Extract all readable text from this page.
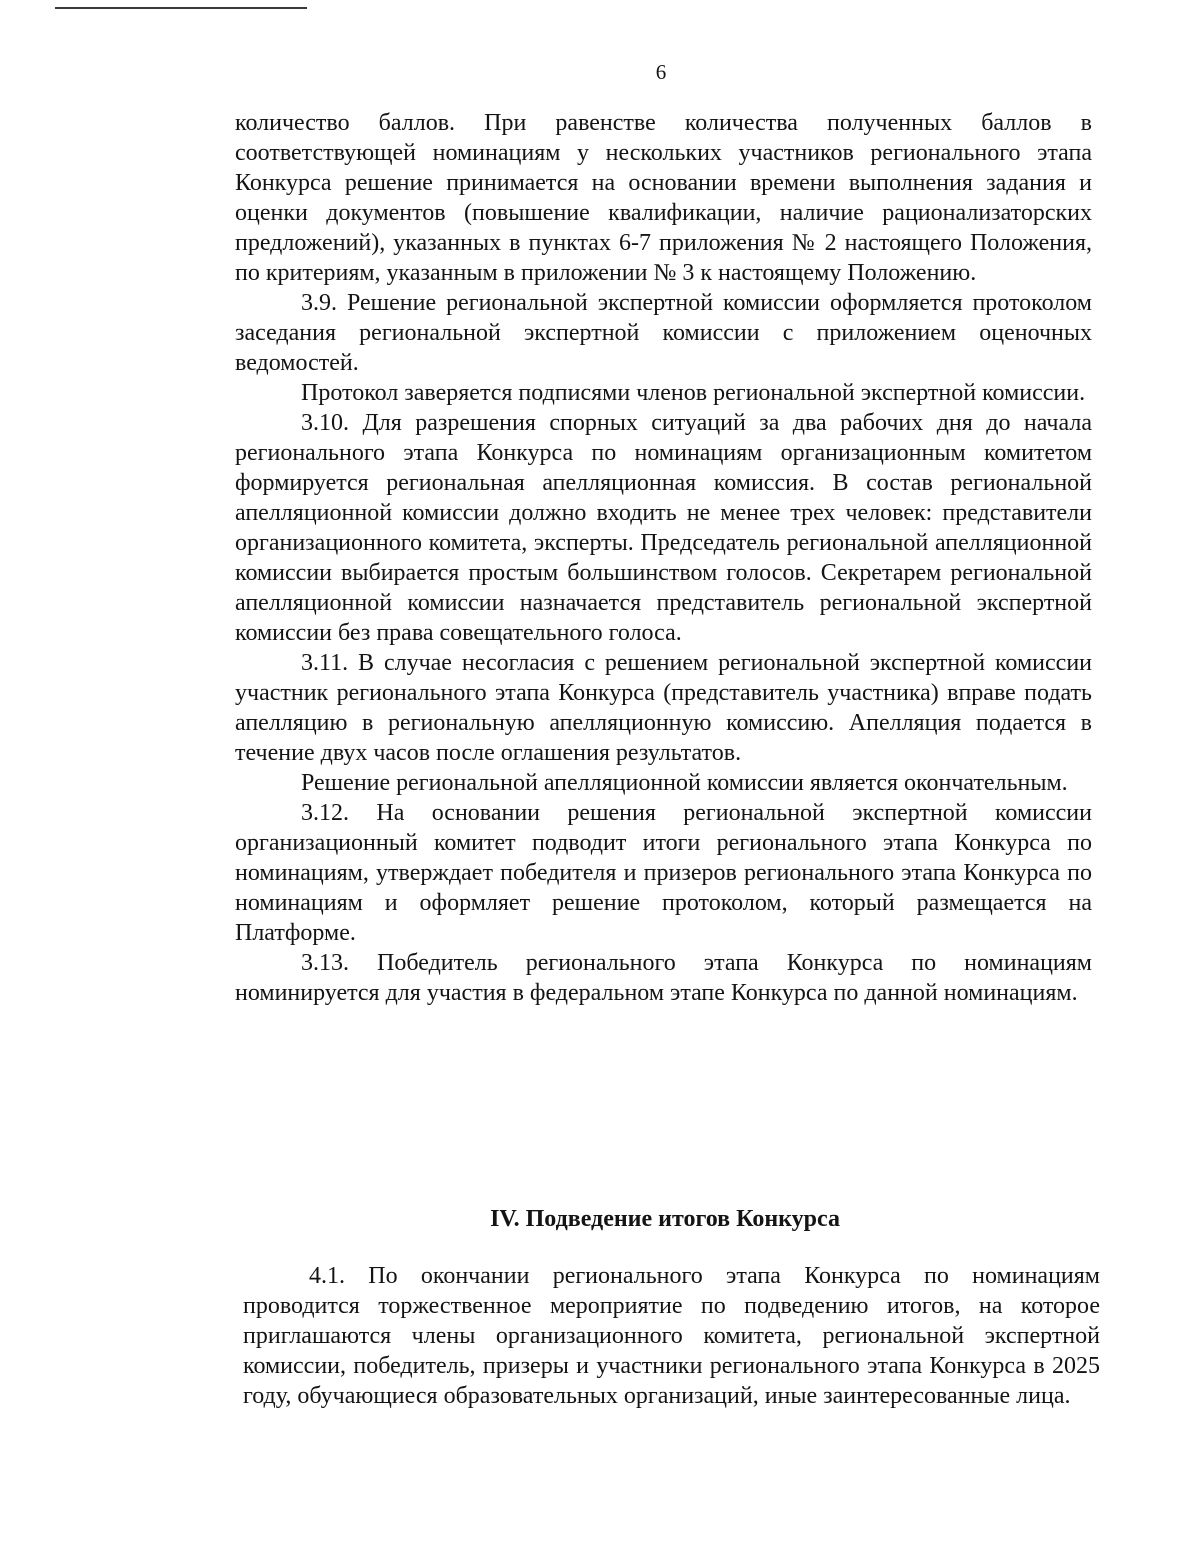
6

количество баллов. При равенстве количества полученных баллов в соответствующей номинациям у нескольких участников регионального этапа Конкурса решение принимается на основании времени выполнения задания и оценки документов (повышение квалификации, наличие рационализаторских предложений), указанных в пунктах 6-7 приложения № 2 настоящего Положения, по критериям, указанным в приложении № 3 к настоящему Положению.

3.9. Решение региональной экспертной комиссии оформляется протоколом заседания региональной экспертной комиссии с приложением оценочных ведомостей.

Протокол заверяется подписями членов региональной экспертной комиссии.

3.10. Для разрешения спорных ситуаций за два рабочих дня до начала регионального этапа Конкурса по номинациям организационным комитетом формируется региональная апелляционная комиссия. В состав региональной апелляционной комиссии должно входить не менее трех человек: представители организационного комитета, эксперты. Председатель региональной апелляционной комиссии выбирается простым большинством голосов. Секретарем региональной апелляционной комиссии назначается представитель региональной экспертной комиссии без права совещательного голоса.

3.11. В случае несогласия с решением региональной экспертной комиссии участник регионального этапа Конкурса (представитель участника) вправе подать апелляцию в региональную апелляционную комиссию. Апелляция подается в течение двух часов после оглашения результатов.

Решение региональной апелляционной комиссии является окончательным.

3.12. На основании решения региональной экспертной комиссии организационный комитет подводит итоги регионального этапа Конкурса по номинациям, утверждает победителя и призеров регионального этапа Конкурса по номинациям и оформляет решение протоколом, который размещается на Платформе.

3.13. Победитель регионального этапа Конкурса по номинациям номинируется для участия в федеральном этапе Конкурса по данной номинациям.

IV. Подведение итогов Конкурса

4.1. По окончании регионального этапа Конкурса по номинациям проводится торжественное мероприятие по подведению итогов, на которое приглашаются члены организационного комитета, региональной экспертной комиссии, победитель, призеры и участники регионального этапа Конкурса в 2025 году, обучающиеся образовательных организаций, иные заинтересованные лица.
